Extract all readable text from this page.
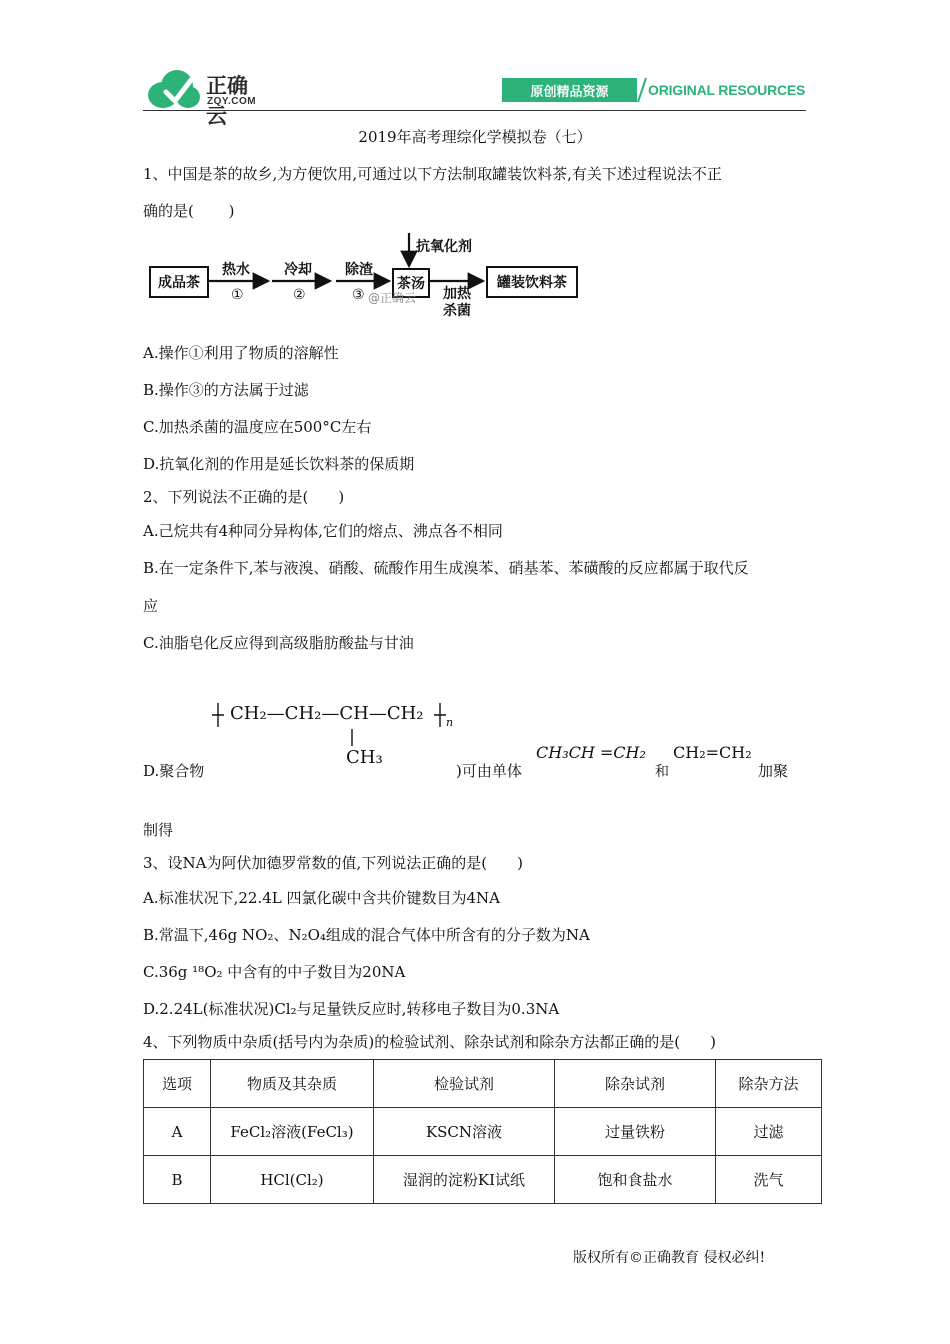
正确云
ZQY.COM
原创精品资源	ORIGINAL RESOURCES
2019年高考理综化学模拟卷（七）
1、中国是茶的故乡,为方便饮用,可通过以下方法制取罐装饮料茶,有关下述过程说法不正
确的是(　　 )
成品茶	茶汤	罐装饮料茶
热水
①
冷却
②
除渣
③ @正确云
抗氧化剂
加热
杀菌
A.操作①利用了物质的溶解性
B.操作③的方法属于过滤
C.加热杀菌的温度应在500°C左右
D.抗氧化剂的作用是延长饮料茶的保质期
2、下列说法不正确的是(　　)
A.己烷共有4种同分异构体,它们的熔点、沸点各不相同
B.在一定条件下,苯与液溴、硝酸、硫酸作用生成溴苯、硝基苯、苯磺酸的反应都属于取代反
应
C.油脂皂化反应得到高级脂肪酸盐与甘油
CH₂—CH₂—CH—CH₂ n
CH₃
D.聚合物	)可由单体
CH₃CH =CH₂
和
CH₂=CH₂
加聚
制得
3、设NA为阿伏加德罗常数的值,下列说法正确的是(　　)
A.标准状况下,22.4L 四氯化碳中含共价键数目为4NA
B.常温下,46g NO₂、N₂O₄组成的混合气体中所含有的分子数为NA
C.36g ¹⁸O₂ 中含有的中子数目为20NA
D.2.24L(标准状况)Cl₂与足量铁反应时,转移电子数目为0.3NA
4、下列物质中杂质(括号内为杂质)的检验试剂、除杂试剂和除杂方法都正确的是(　　)
选项	物质及其杂质	检验试剂	除杂试剂	除杂方法
A	FeCl₂溶液(FeCl₃)	KSCN溶液	过量铁粉	过滤
B	HCl(Cl₂)	湿润的淀粉KI试纸	饱和食盐水	洗气
版权所有©正确教育 侵权必纠!
